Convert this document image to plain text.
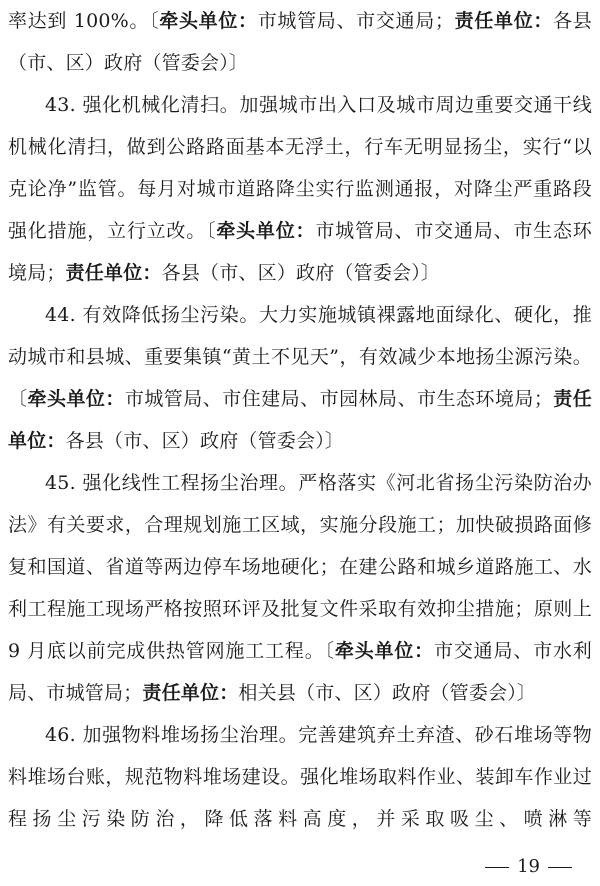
率达到 100%。〔牵头单位：市城管局、市交通局；责任单位：各县（市、区）政府（管委会）〕

43. 强化机械化清扫。加强城市出入口及城市周边重要交通干线机械化清扫，做到公路路面基本无浮土，行车无明显扬尘，实行“以克论净”监管。每月对城市道路降尘实行监测通报，对降尘严重路段强化措施，立行立改。〔牵头单位：市城管局、市交通局、市生态环境局；责任单位：各县（市、区）政府（管委会）〕

44. 有效降低扬尘污染。大力实施城镇裸露地面绿化、硬化，推动城市和县城、重要集镇“黄土不见天”，有效减少本地扬尘源污染。〔牵头单位：市城管局、市住建局、市园林局、市生态环境局；责任单位：各县（市、区）政府（管委会）〕

45. 强化线性工程扬尘治理。严格落实《河北省扬尘污染防治办法》有关要求，合理规划施工区域，实施分段施工；加快破损路面修复和国道、省道等两边停车场地硬化；在建公路和城乡道路施工、水利工程施工现场严格按照环评及批复文件采取有效抑尘措施；原则上 9 月底以前完成供热管网施工工程。〔牵头单位：市交通局、市水利局、市城管局；责任单位：相关县（市、区）政府（管委会）〕

46. 加强物料堆场扬尘治理。完善建筑弃土弃渣、砂石堆场等物料堆场台账，规范物料堆场建设。强化堆场取料作业、装卸车作业过程扬尘污染防治，降低落料高度，并采取吸尘、喷淋等

19
